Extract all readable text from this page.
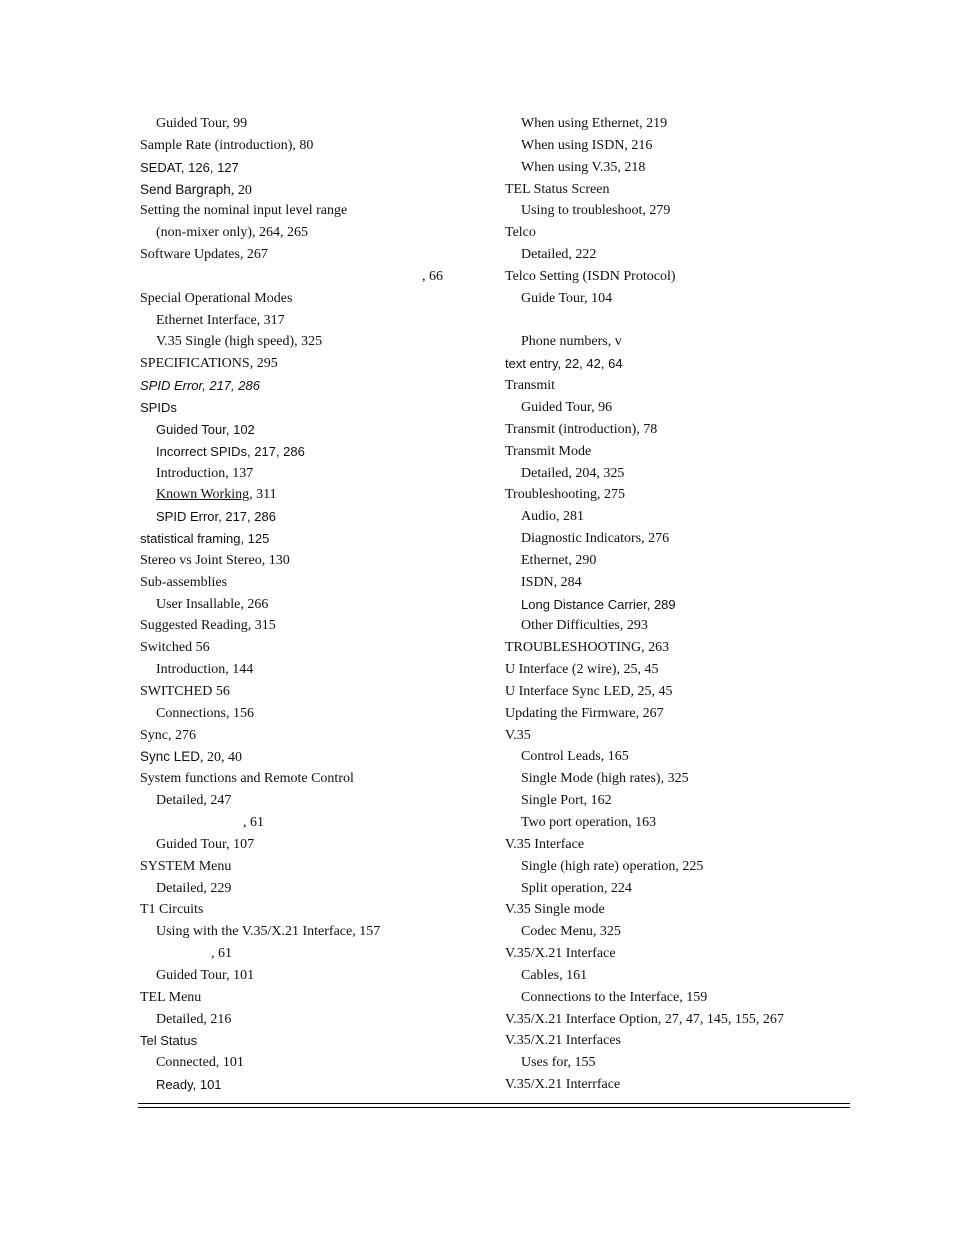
Guided Tour, 99
Sample Rate (introduction), 80
SEDAT, 126, 127
Send Bargraph, 20
Setting the nominal input level range
(non-mixer only), 264, 265
Software Updates, 267
, 66
Special Operational Modes
Ethernet Interface, 317
V.35 Single (high speed), 325
SPECIFICATIONS, 295
SPID Error, 217, 286
SPIDs
Guided Tour, 102
Incorrect SPIDs, 217, 286
Introduction, 137
Known Working, 311
SPID Error, 217, 286
statistical framing, 125
Stereo vs Joint Stereo, 130
Sub-assemblies
User Insallable, 266
Suggested Reading, 315
Switched 56
Introduction, 144
SWITCHED 56
Connections, 156
Sync, 276
Sync LED, 20, 40
System functions and Remote Control
Detailed, 247
, 61
Guided Tour, 107
SYSTEM Menu
Detailed, 229
T1 Circuits
Using with the V.35/X.21 Interface, 157
, 61
Guided Tour, 101
TEL Menu
Detailed, 216
Tel Status
Connected, 101
Ready, 101
When using Ethernet, 219
When using ISDN, 216
When using V.35, 218
TEL Status Screen
Using to troubleshoot, 279
Telco
Detailed, 222
Telco Setting (ISDN Protocol)
Guide Tour, 104
Phone numbers, v
text entry, 22, 42, 64
Transmit
Guided Tour, 96
Transmit (introduction), 78
Transmit Mode
Detailed, 204, 325
Troubleshooting, 275
Audio, 281
Diagnostic Indicators, 276
Ethernet, 290
ISDN, 284
Long Distance Carrier, 289
Other Difficulties, 293
TROUBLESHOOTING, 263
U Interface (2 wire), 25, 45
U Interface Sync LED, 25, 45
Updating the Firmware, 267
V.35
Control Leads, 165
Single Mode (high rates), 325
Single Port, 162
Two port operation, 163
V.35 Interface
Single (high rate) operation, 225
Split operation, 224
V.35 Single mode
Codec Menu, 325
V.35/X.21 Interface
Cables, 161
Connections to the Interface, 159
V.35/X.21 Interface Option, 27, 47, 145, 155, 267
V.35/X.21 Interfaces
Uses for, 155
V.35/X.21 Interrface
